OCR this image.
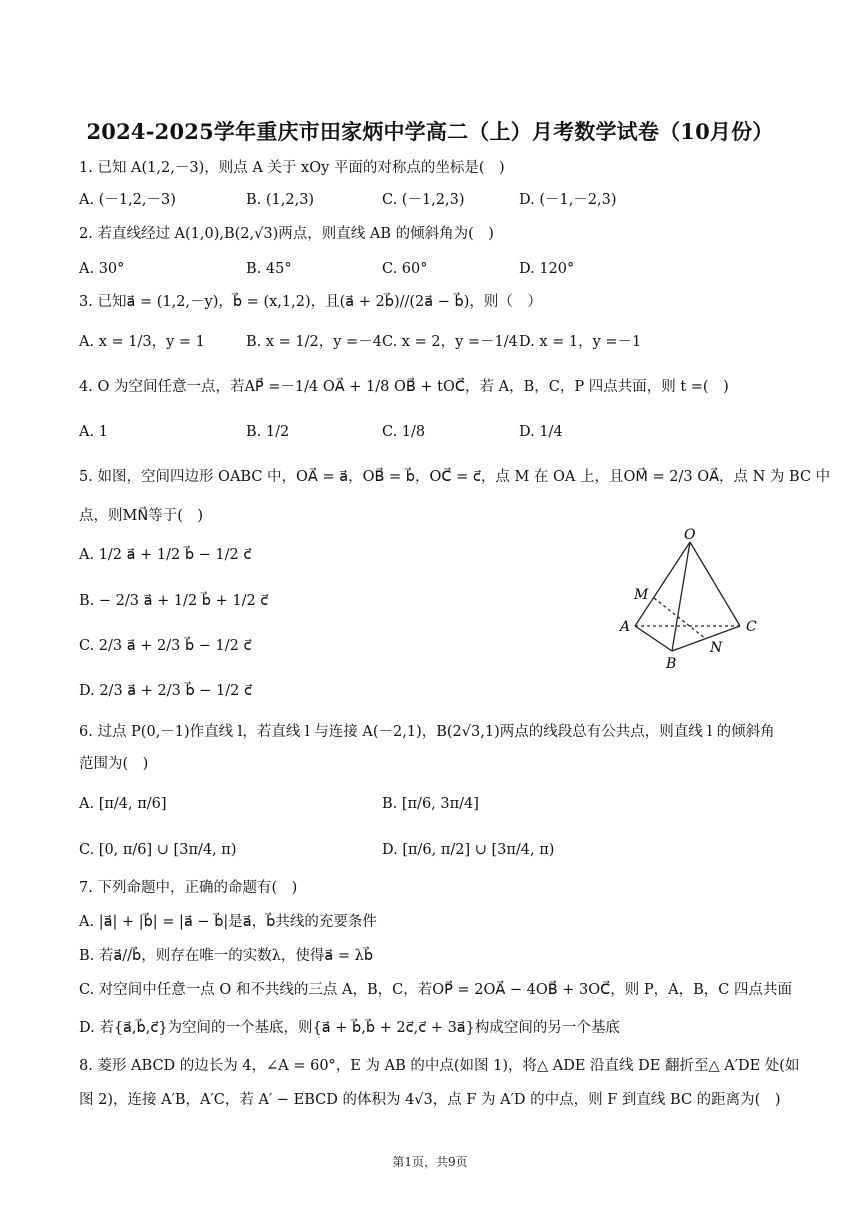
2024-2025学年重庆市田家炳中学高二（上）月考数学试卷（10月份）
1. 已知 A(1,2,－3)，则点 A 关于 xOy 平面的对称点的坐标是(　)
A. (－1,2,－3)	B. (1,2,3)	C. (－1,2,3)	D. (－1,－2,3)
2. 若直线经过 A(1,0),B(2,√3)两点，则直线 AB 的倾斜角为(　)
A. 30°	B. 45°	C. 60°	D. 120°
3. 已知a⃗ = (1,2,－y)，b⃗ = (x,1,2)，且(a⃗ + 2b⃗)//(2a⃗ − b⃗)，则（　）
A. x = 1/3，y = 1	B. x = 1/2，y =－4 C. x = 2，y =－1/4 D. x = 1，y =－1
4. O 为空间任意一点，若AP⃗ =－1/4 OA⃗ + 1/8 OB⃗ + tOC⃗，若 A，B，C，P 四点共面，则 t =(　)
A. 1	B. 1/2	C. 1/8	D. 1/4
5. 如图，空间四边形 OABC 中，OA⃗ = a⃗，OB⃗ = b⃗，OC⃗ = c⃗，点 M 在 OA 上，且OM⃗ = 2/3 OA⃗，点 N 为 BC 中
点，则MN⃗等于(　)
A. 1/2 a⃗ + 1/2 b⃗ − 1/2 c⃗
B. − 2/3 a⃗ + 1/2 b⃗ + 1/2 c⃗
C. 2/3 a⃗ + 2/3 b⃗ − 1/2 c⃗
D. 2/3 a⃗ + 2/3 b⃗ − 1/2 c⃗
O
M
A
B
N
C
6. 过点 P(0,－1)作直线 l，若直线 l 与连接 A(－2,1)，B(2√3,1)两点的线段总有公共点，则直线 l 的倾斜角
范围为(　)
A. [π/4, π/6]	B. [π/6, 3π/4]
C. [0, π/6] ∪ [3π/4, π)	D. [π/6, π/2] ∪ [3π/4, π)
7. 下列命题中，正确的命题有(　)
A. |a⃗| + |b⃗| = |a⃗ − b⃗|是a⃗，b⃗共线的充要条件
B. 若a⃗//b⃗，则存在唯一的实数λ，使得a⃗ = λb⃗
C. 对空间中任意一点 O 和不共线的三点 A，B，C，若OP⃗ = 2OA⃗ − 4OB⃗ + 3OC⃗，则 P，A，B，C 四点共面
D. 若{a⃗,b⃗,c⃗}为空间的一个基底，则{a⃗ + b⃗,b⃗ + 2c⃗,c⃗ + 3a⃗}构成空间的另一个基底
8. 菱形 ABCD 的边长为 4，∠A = 60°，E 为 AB 的中点(如图 1)，将△ ADE 沿直线 DE 翻折至△ A′DE 处(如
图 2)，连接 A′B，A′C，若 A′ − EBCD 的体积为 4√3，点 F 为 A′D 的中点，则 F 到直线 BC 的距离为(　)
第1页，共9页
